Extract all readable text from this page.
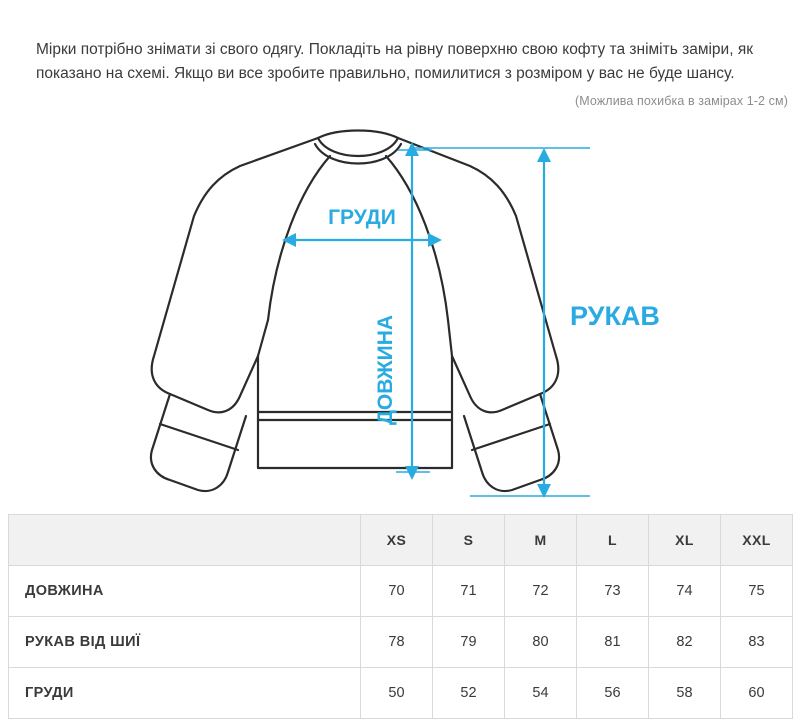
Мірки потрібно знімати зі свого одягу. Покладіть на рівну поверхню свою кофту та зніміть заміри, як показано на схемі. Якщо ви все зробите правильно, помилитися з розміром у вас не буде шансу.

(Можлива похибка в замірах 1-2 см)
ГРУДИ
ДОВЖИНА	РУКАВ
	XS	S	M	L	XL	XXL
ДОВЖИНА	70	71	72	73	74	75
РУКАВ ВІД ШИЇ	78	79	80	81	82	83
ГРУДИ	50	52	54	56	58	60
